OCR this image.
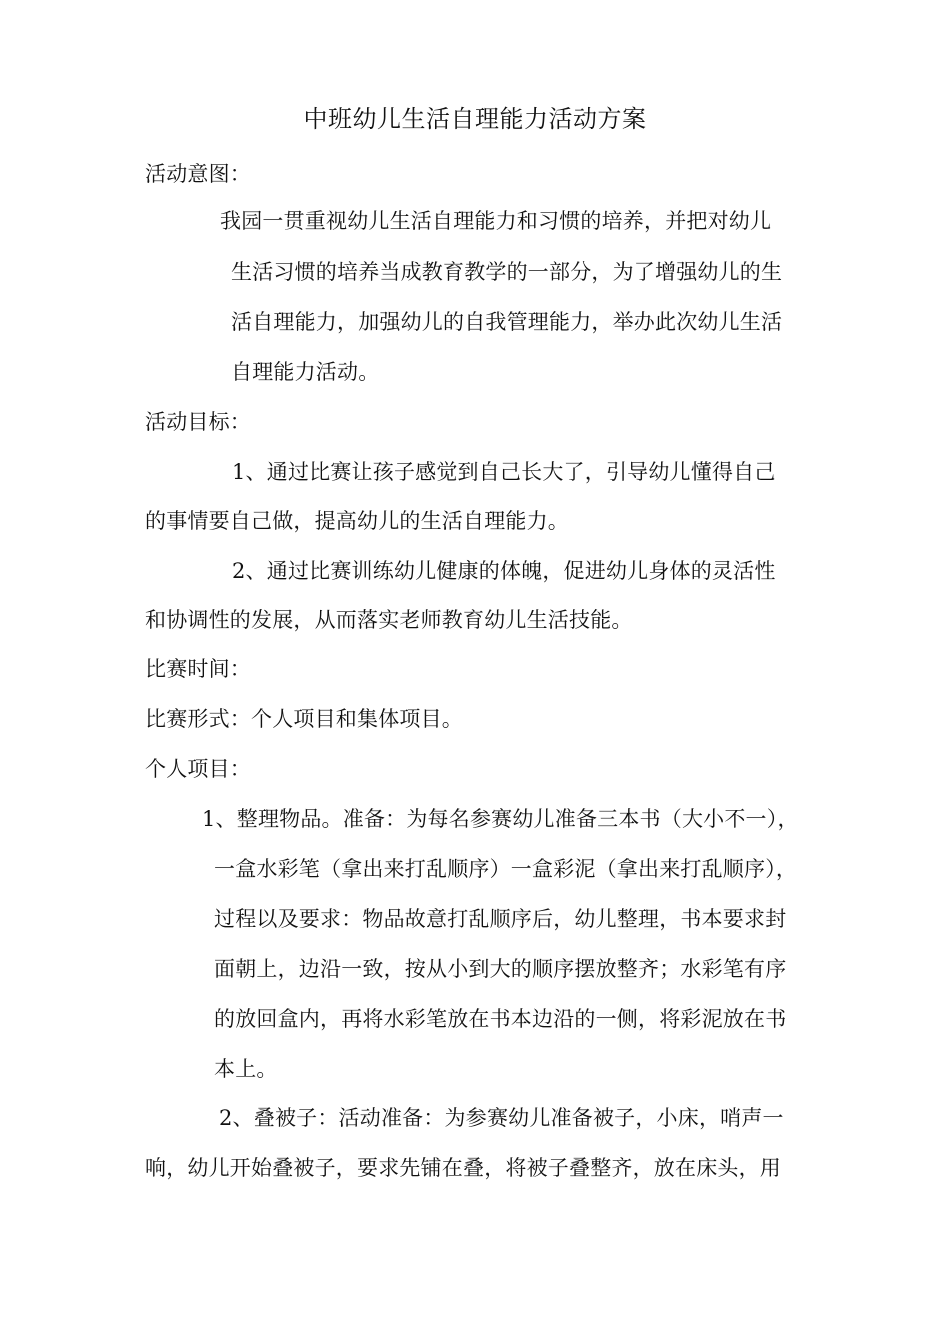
中班幼儿生活自理能力活动方案
活动意图：
我园一贯重视幼儿生活自理能力和习惯的培养，并把对幼儿
生活习惯的培养当成教育教学的一部分，为了增强幼儿的生
活自理能力，加强幼儿的自我管理能力，举办此次幼儿生活
自理能力活动。
活动目标：
1、通过比赛让孩子感觉到自己长大了，引导幼儿懂得自己
的事情要自己做，提高幼儿的生活自理能力。
2、通过比赛训练幼儿健康的体魄，促进幼儿身体的灵活性
和协调性的发展，从而落实老师教育幼儿生活技能。
比赛时间：
比赛形式：个人项目和集体项目。
个人项目：
1、整理物品。准备：为每名参赛幼儿准备三本书（大小不一），
一盒水彩笔（拿出来打乱顺序）一盒彩泥（拿出来打乱顺序），
过程以及要求：物品故意打乱顺序后，幼儿整理，书本要求封
面朝上，边沿一致，按从小到大的顺序摆放整齐；水彩笔有序
的放回盒内，再将水彩笔放在书本边沿的一侧，将彩泥放在书
本上。
2、叠被子：活动准备：为参赛幼儿准备被子，小床，哨声一
响，幼儿开始叠被子，要求先铺在叠，将被子叠整齐，放在床头，用
